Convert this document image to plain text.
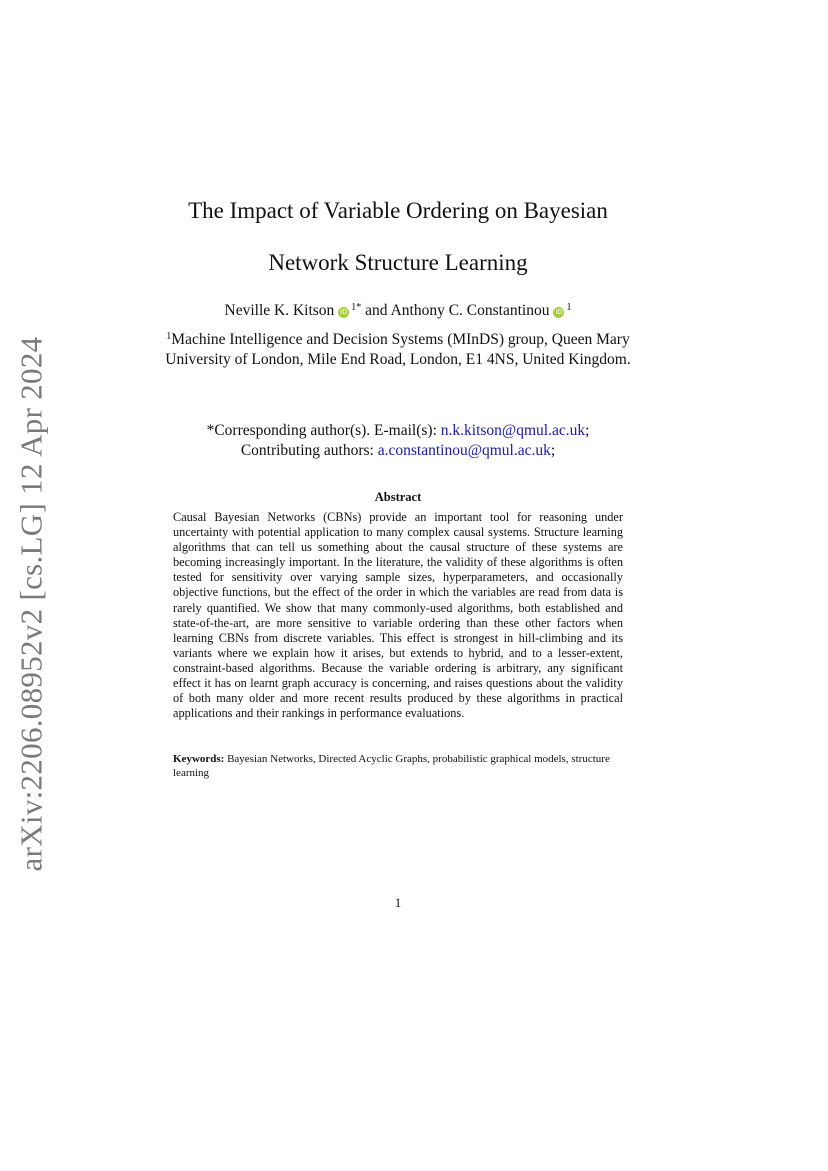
arXiv:2206.08952v2 [cs.LG] 12 Apr 2024
The Impact of Variable Ordering on Bayesian
Network Structure Learning
Neville K. Kitson iD $^{1*}$ and Anthony C. Constantinou iD $^1$
$^1$Machine Intelligence and Decision Systems (MInDS) group, Queen Mary University of London, Mile End Road, London, E1 4NS, United Kingdom.
*Corresponding author(s). E-mail(s): n.k.kitson@qmul.ac.uk;
Contributing authors: a.constantinou@qmul.ac.uk;
Abstract
Causal Bayesian Networks (CBNs) provide an important tool for reasoning under uncertainty with potential application to many complex causal systems. Structure learning algorithms that can tell us something about the causal structure of these systems are becoming increasingly important. In the literature, the validity of these algorithms is often tested for sensitivity over varying sample sizes, hyperparameters, and occasionally objective functions, but the effect of the order in which the variables are read from data is rarely quantified. We show that many commonly-used algorithms, both established and state-of-the-art, are more sensitive to variable ordering than these other factors when learning CBNs from discrete variables. This effect is strongest in hill-climbing and its variants where we explain how it arises, but extends to hybrid, and to a lesser-extent, constraint-based algorithms. Because the variable ordering is arbitrary, any significant effect it has on learnt graph accuracy is concerning, and raises questions about the validity of both many older and more recent results produced by these algorithms in practical applications and their rankings in performance evaluations.
Keywords: Bayesian Networks, Directed Acyclic Graphs, probabilistic graphical models, structure learning
1
